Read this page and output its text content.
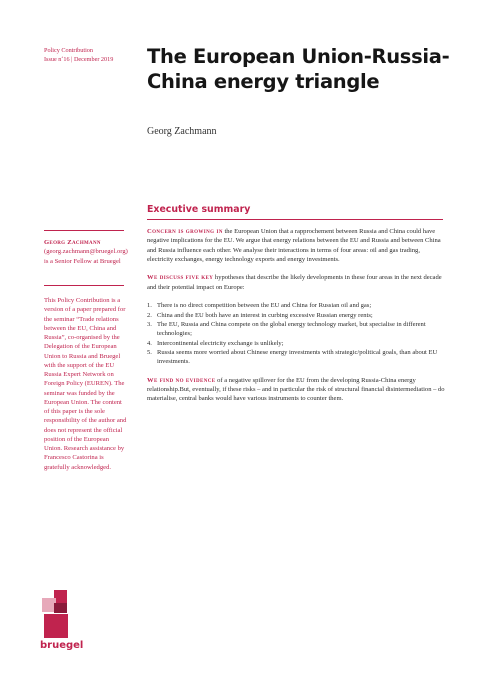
Policy Contribution
Issue n˚16 | December 2019 The European Union-Russia-China energy triangle
Georg Zachmann
Executive summary
Georg Zachmann (georg.zachmann@bruegel.org) is a Senior Fellow at Bruegel
This Policy Contribution is a version of a paper prepared for the seminar “Trade relations between the EU, China and Russia”, co-organised by the Delegation of the European Union to Russia and Bruegel with the support of the EU Russia Expert Network on Foreign Policy (EUREN). The seminar was funded by the European Union. The content of this paper is the sole responsibility of the author and does not represent the official position of the European Union. Research assistance by Francesco Castorina is gratefully acknowledged.

Concern is growing in the European Union that a rapprochement between Russia and China could have negative implications for the EU. We argue that energy relations between the EU and Russia and between China and Russia influence each other. We analyse their interactions in terms of four areas: oil and gas trading, electricity exchanges, energy technology exports and energy investments.

We discuss five key hypotheses that describe the likely developments in these four areas in the next decade and their potential impact on Europe:

1. There is no direct competition between the EU and China for Russian oil and gas;
2. China and the EU both have an interest in curbing excessive Russian energy rents;
3. The EU, Russia and China compete on the global energy technology market, but specialise in different technologies;
4. Intercontinental electricity exchange is unlikely;
5. Russia seems more worried about Chinese energy investments with strategic/political goals, than about EU investments.

We find no evidence of a negative spillover for the EU from the developing Russia-China energy relationship.But, eventually, if these risks – and in particular the risk of structural financial disintermediation – do materialise, central banks would have various instruments to counter them.

bruegel
